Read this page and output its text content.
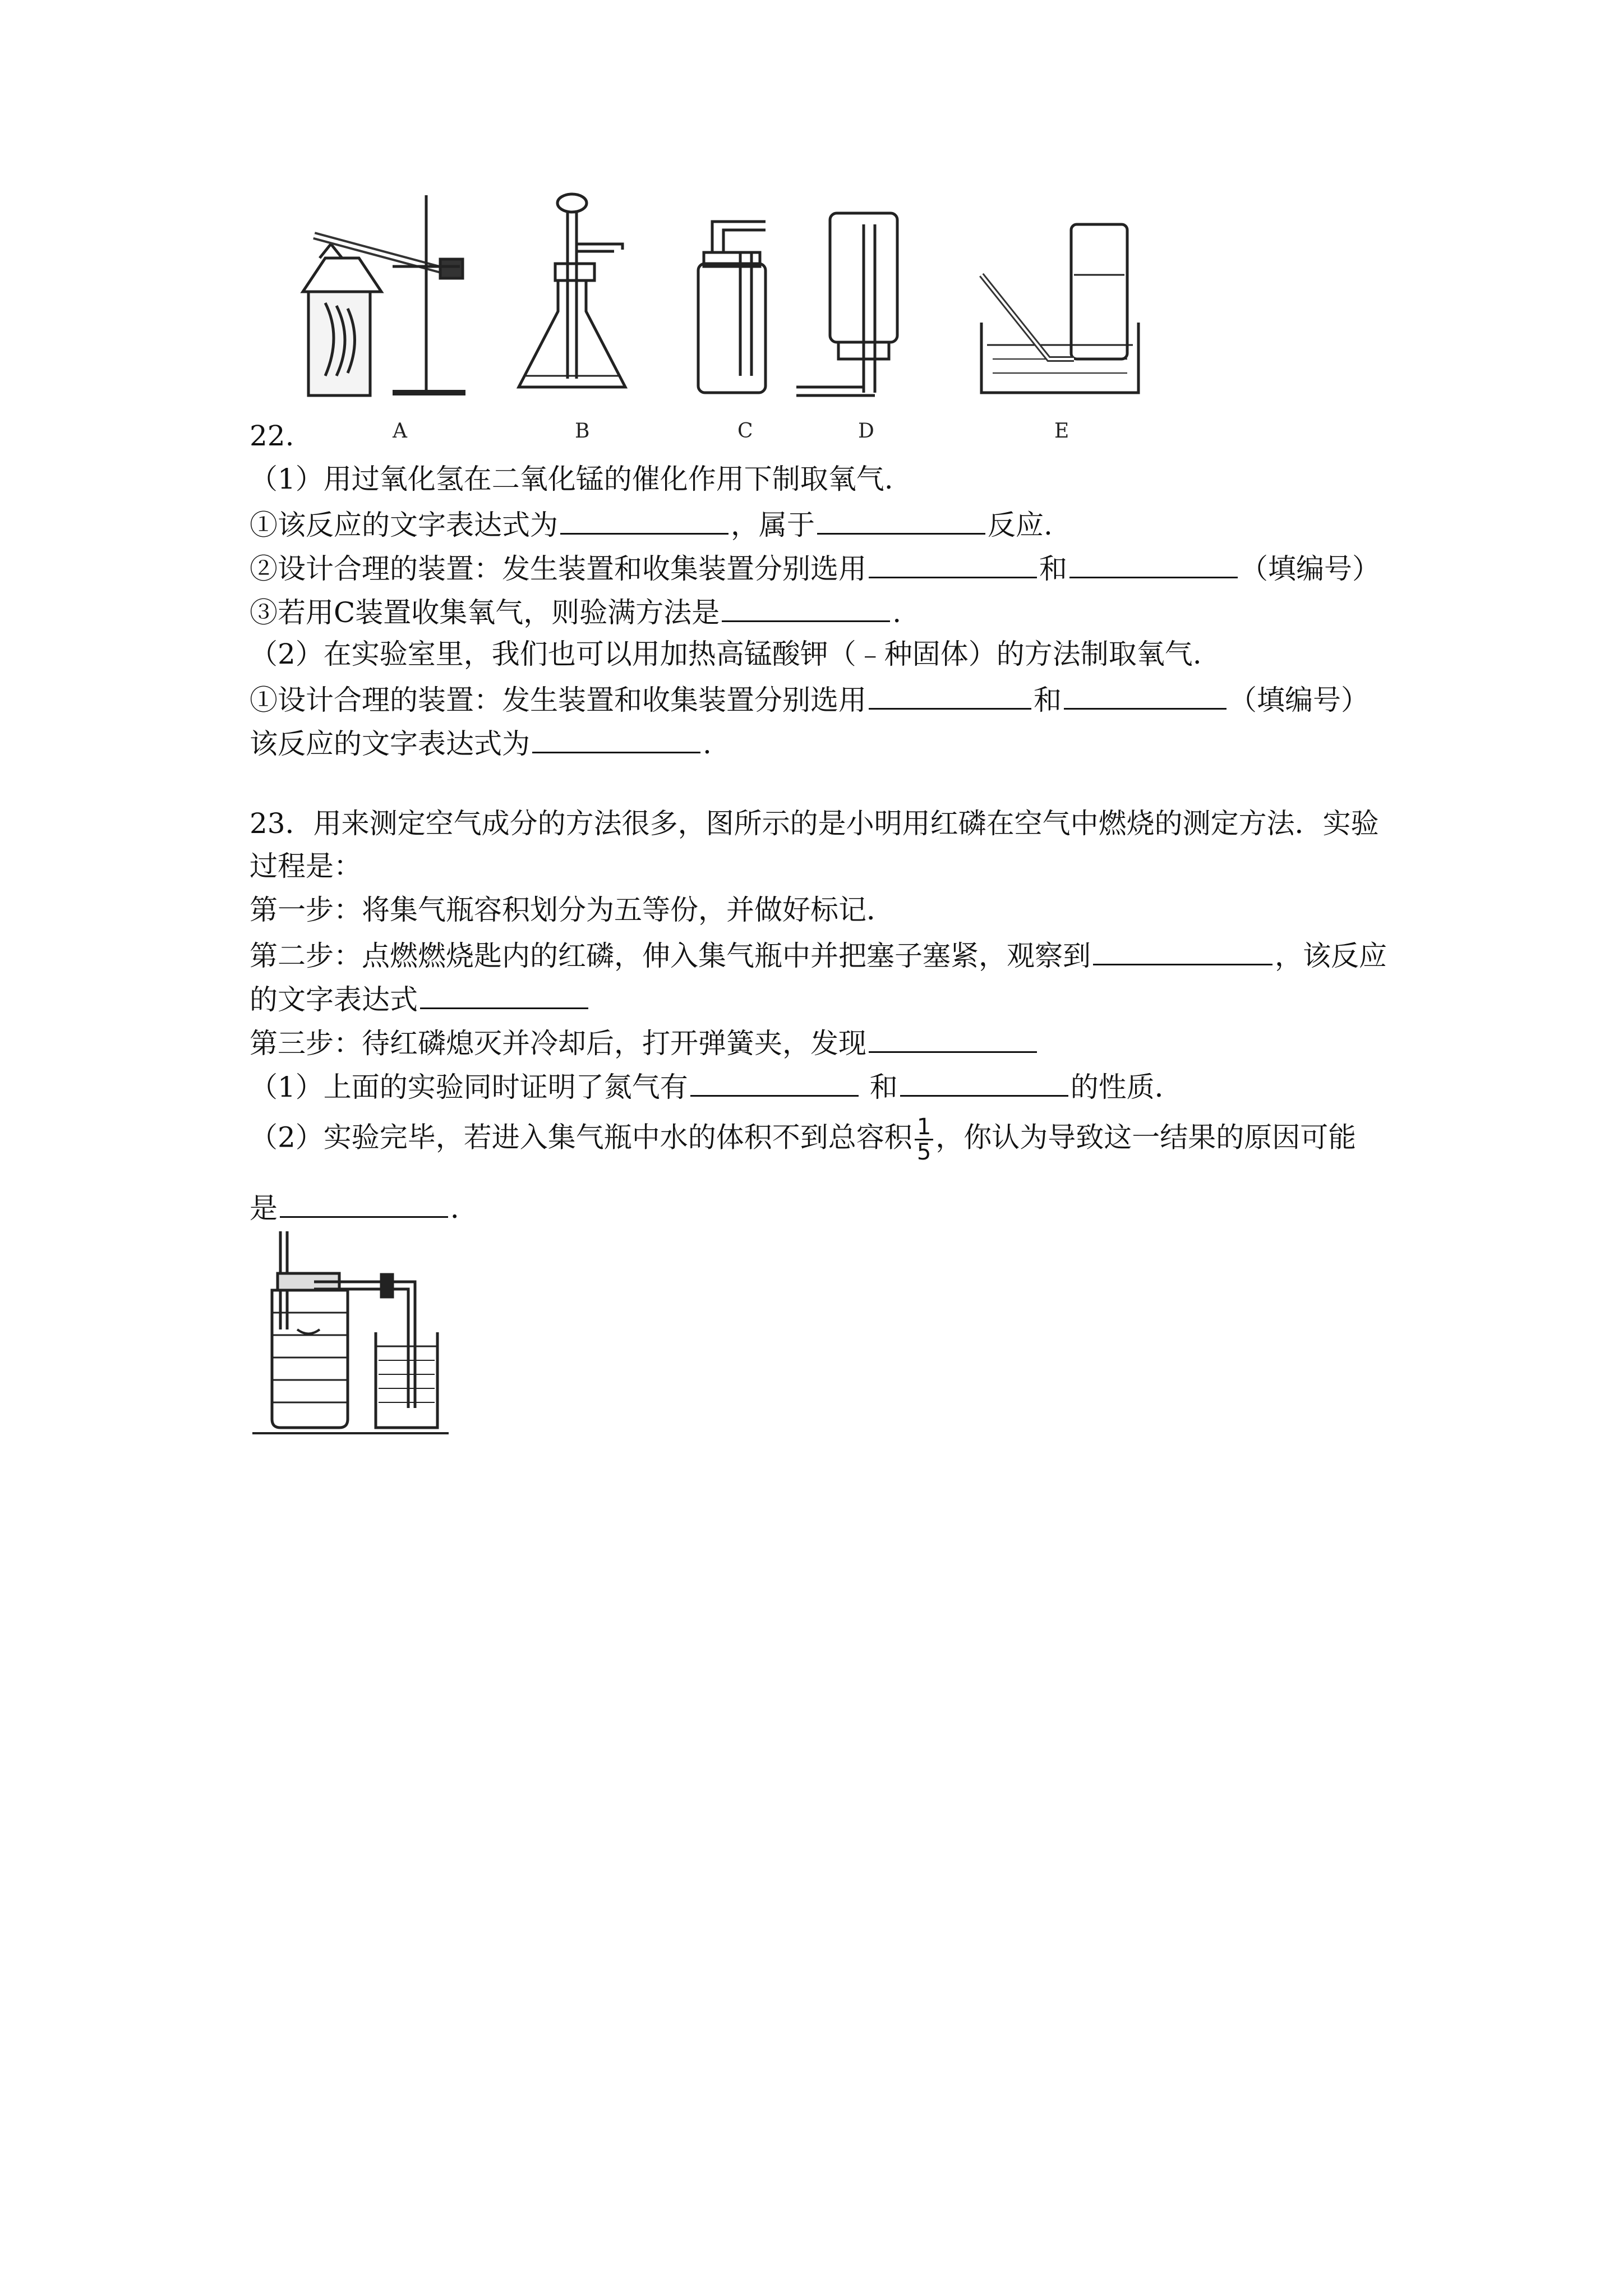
A	B	C	D	E
22.
（1）用过氧化氢在二氧化锰的催化作用下制取氧气.
①该反应的文字表达式为	，属于	反应.
②设计合理的装置：发生装置和收集装置分别选用	和	（填编号）
③若用C装置收集氧气，则验满方法是	.
（2）在实验室里，我们也可以用加热高锰酸钾（﹣种固体）的方法制取氧气.
①设计合理的装置：发生装置和收集装置分别选用	和	（填编号）
该反应的文字表达式为	.
23．用来测定空气成分的方法很多，图所示的是小明用红磷在空气中燃烧的测定方法．实验
过程是：
第一步：将集气瓶容积划分为五等份，并做好标记．
第二步：点燃燃烧匙内的红磷，伸入集气瓶中并把塞子塞紧，观察到	，该反应
的文字表达式
第三步：待红磷熄灭并冷却后，打开弹簧夹，发现
（1）上面的实验同时证明了氮气有	和	的性质．
（2）实验完毕，若进入集气瓶中水的体积不到总容积 $\frac{1}{5}$ ，你认为导致这一结果的原因可能
是	．
